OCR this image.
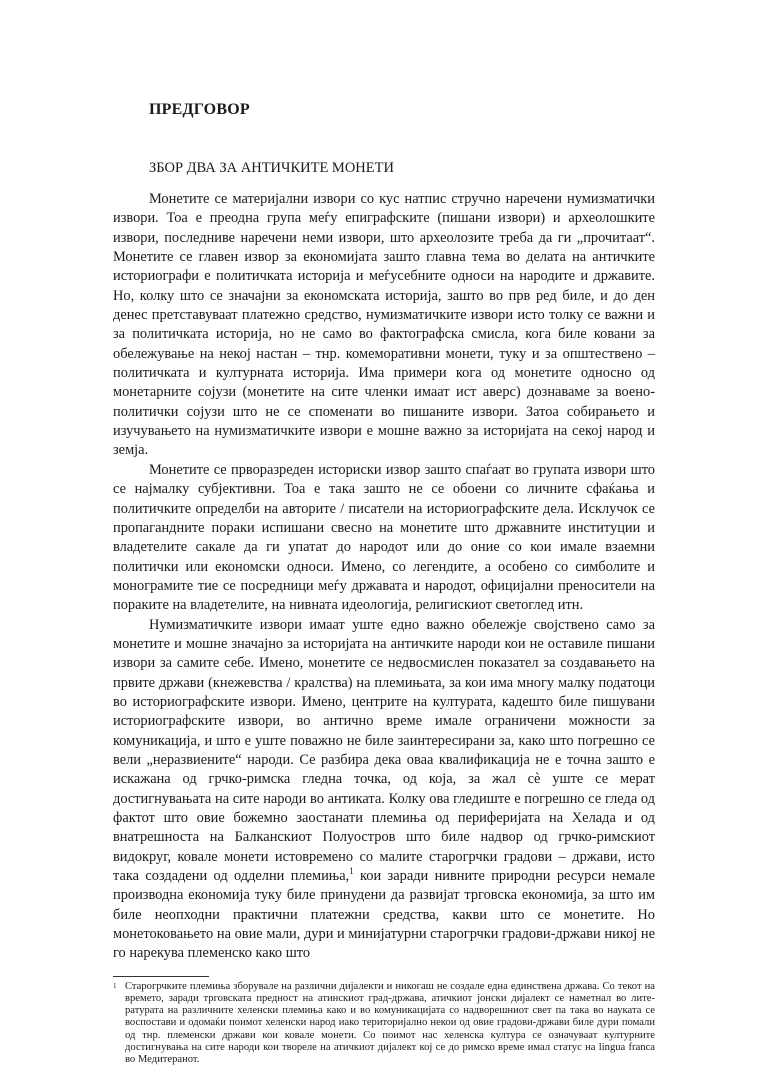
ПРЕДГОВОР
ЗБОР ДВА ЗА АНТИЧКИТЕ МОНЕТИ

Монетите се материјални извори со кус натпис стручно наречени нумизматички извори. Тоа е преодна група меѓу епиграфските (пишани извори) и археолошките извори, последниве наречени неми извори, што археолозите треба да ги „прочитаат“. Монетите се главен извор за економијата зашто главна тема во делата на античките историографи е политичката историја и меѓусебните односи на народите и државите. Но, колку што се значајни за економската историја, зашто во прв ред биле, и до ден денес претставуваат платежно средство, нумизматичките извори исто толку се важни и за политичката историја, но не само во фактографска смисла, кога биле ковани за обележување на некој настан – тнр. комеморативни монети, туку и за општествено – политичката и културната историја. Има примери кога од монетите односно од монетарните сојузи (монетите на сите членки имаат ист аверс) дознаваме за воено-политички сојузи што не се споменати во пишаните извори. Затоа собирањето и изучувањето на нумизматичките извори е мошне важно за историјата на секој народ и земја.

Монетите се прворазреден историски извор зашто спаѓаат во групата извори што се најмалку субјективни. Тоа е така зашто не се обоени со личните сфаќања и политичките определби на авторите / писатели на историографските дела. Исклучок се пропагандните пораки испишани свесно на монетите што државните институции и владетелите сакале да ги упатат до народот или до оние со кои имале взаемни политички или економски односи. Имено, со легендите, а особено со симболите и монограмите тие се посредници меѓу државата и народот, официјални преносители на пораките на владетелите, на нивната идеологија, религискиот светоглед итн.

Нумизматичките извори имаат уште едно важно обележје својствено само за монетите и мошне значајно за историјата на античките народи кои не оставиле пишани извори за самите себе. Имено, монетите се недвосмислен показател за создавањето на првите држави (кнежевства / кралства) на племињата, за кои има многу малку податоци во историографските извори. Имено, центрите на културата, кадешто биле пишувани историографските извори, во антично време имале ограничени можности за комуникација, и што е уште поважно не биле заинтересирани за, како што погрешно се вели „неразвиените“ народи. Се разбира дека оваа квалификација не е точна зашто е искажана од грчко-римска гледна точка, од која, за жал сѐ уште се мерат достигнувањата на сите народи во антиката. Колку ова гледиште е погрешно се гледа од фактот што овие божемно заостанати племиња од периферијата на Хелада и од внатрешноста на Балканскиот Полуостров што биле надвор од грчко-римскиот видокруг, ковале монети истовремено со малите старогрчки градови – држави, исто така создадени од одделни племиња,$^1$ кои заради нивните природни ресурси немале производна економија туку биле принудени да развијат трговска економија, за што им биле неопходни практични платежни средства, какви што се монетите. Но монетоковањето на овие мали, дури и минијатурни старогрчки градови-држави никој не го нарекува племенско како што

1 Старогрчките племиња зборувале на различни дијалекти и никогаш не создале една единствена држава. Со текот на времето, заради трговската предност на атинскиот град-држава, атичкиот јонски дијалект се наметнал во литературата на различните хеленски племиња како и во комуникацијата со надворешниот свет па така во науката се воспостави и одомаќи поимот хеленски народ иако територијално некои од овие градови-држави биле дури помали од тнр. племенски држави кои ковале монети. Со поимот нас хеленска култура се означуваат културните достигнувања на сите народи кои твореле на атичкиот дијалект кој се до римско време имал статус на lingua franca во Медитеранот.
